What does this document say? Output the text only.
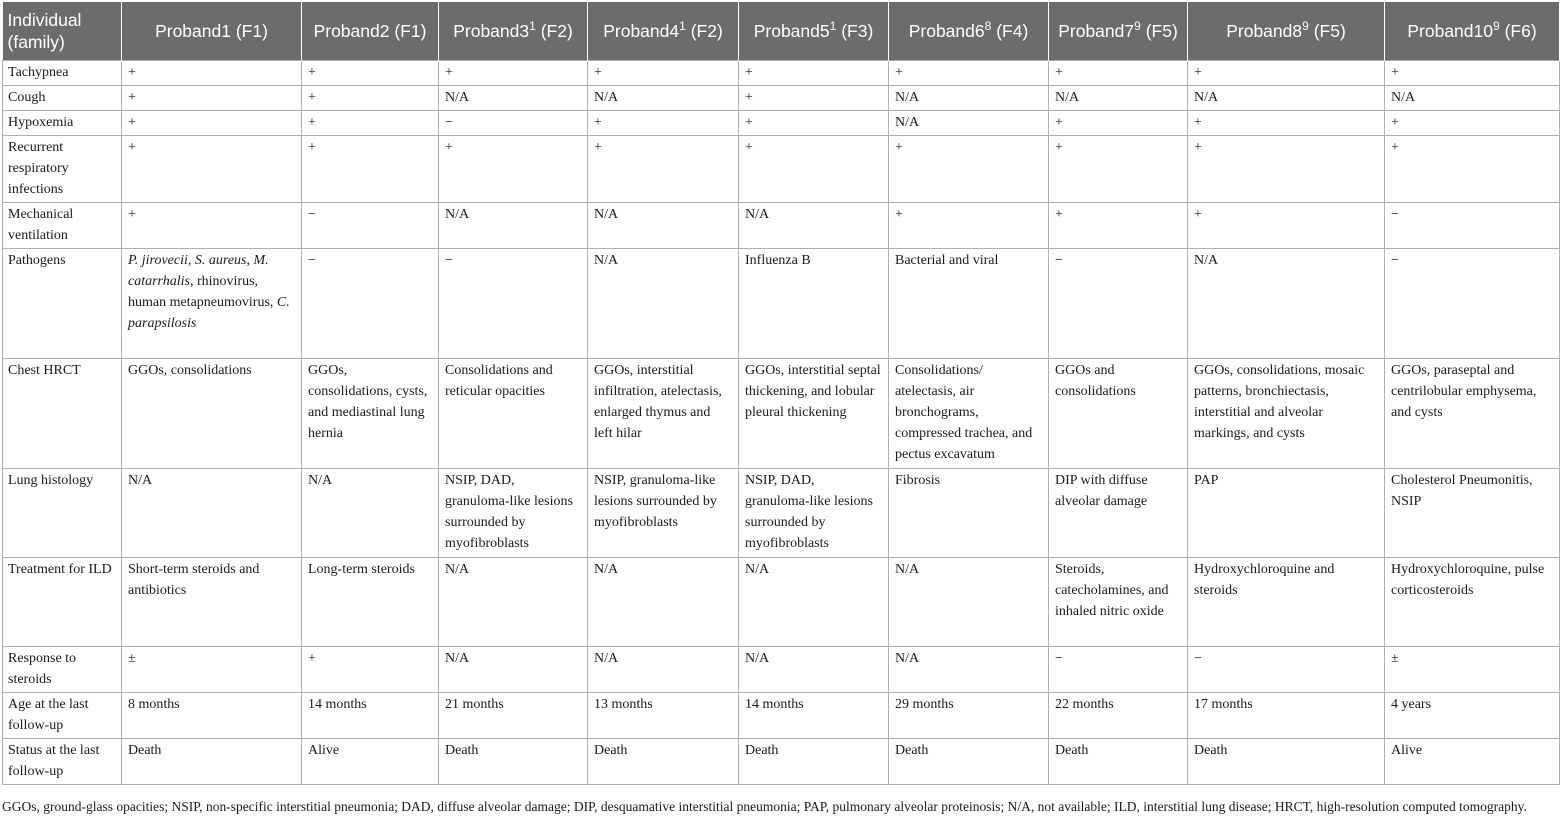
Individual (family)	Proband1 (F1)	Proband2 (F1)	$Proband3^1$ (F2)	$Proband4^1$ (F2)	$Proband5^1$ (F3)	$Proband6^8$ (F4)	$Proband7^9$ (F5)	$Proband8^9$ (F5)	$Proband10^9$ (F6)
Tachypnea	+	+	+	+	+	+	+	+	+
Cough	+	+	N/A	N/A	+	N/A	N/A	N/A	N/A
Hypoxemia	+	+	−	+	+	N/A	+	+	+
Recurrent respiratory infections	+	+	+	+	+	+	+	+	+
Mechanical ventilation	+	−	N/A	N/A	N/A	+	+	+	−
Pathogens	P. jirovecii, S. aureus, M. catarrhalis, rhinovirus, human metapneumovirus, C. parapsilosis	−	−	N/A	Influenza B	Bacterial and viral	−	N/A	−
Chest HRCT	GGOs, consolidations	GGOs, consolidations, cysts, and mediastinal lung hernia	Consolidations and reticular opacities	GGOs, interstitial infiltration, atelectasis, enlarged thymus and left hilar	GGOs, interstitial septal thickening, and lobular pleural thickening	Consolidations/ atelectasis, air bronchograms, compressed trachea, and pectus excavatum	GGOs and consolidations	GGOs, consolidations, mosaic patterns, bronchiectasis, interstitial and alveolar markings, and cysts	GGOs, paraseptal and centrilobular emphysema, and cysts
Lung histology	N/A	N/A	NSIP, DAD, granuloma-like lesions surrounded by myofibroblasts	NSIP, granuloma-like lesions surrounded by myofibroblasts	NSIP, DAD, granuloma-like lesions surrounded by myofibroblasts	Fibrosis	DIP with diffuse alveolar damage	PAP	Cholesterol Pneumonitis, NSIP
Treatment for ILD	Short-term steroids and antibiotics	Long-term steroids	N/A	N/A	N/A	N/A	Steroids, catecholamines, and inhaled nitric oxide	Hydroxychloroquine and steroids	Hydroxychloroquine, pulse corticosteroids
Response to steroids	±	+	N/A	N/A	N/A	N/A	−	−	±
Age at the last follow-up	8 months	14 months	21 months	13 months	14 months	29 months	22 months	17 months	4 years
Status at the last follow-up	Death	Alive	Death	Death	Death	Death	Death	Death	Alive
GGOs, ground-glass opacities; NSIP, non-specific interstitial pneumonia; DAD, diffuse alveolar damage; DIP, desquamative interstitial pneumonia; PAP, pulmonary alveolar proteinosis; N/A, not available; ILD, interstitial lung disease; HRCT, high-resolution computed tomography.
